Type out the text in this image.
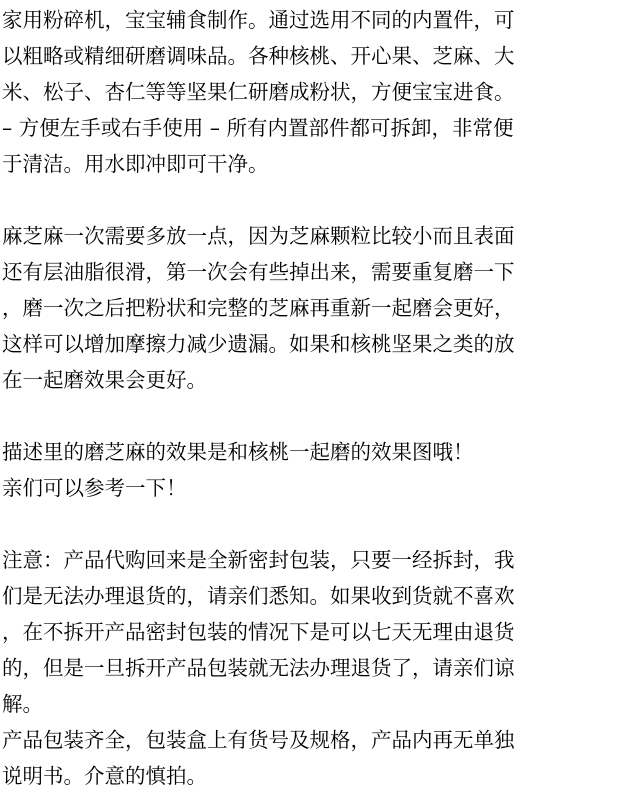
家用粉碎机，宝宝辅食制作。通过选用不同的内置件，可
以粗略或精细研磨调味品。各种核桃、开心果、芝麻、大
米、松子、杏仁等等坚果仁研磨成粉状，方便宝宝进食。
– 方便左手或右手使用 – 所有内置部件都可拆卸，非常便
于清洁。用水即冲即可干净。
麻芝麻一次需要多放一点，因为芝麻颗粒比较小而且表面
还有层油脂很滑，第一次会有些掉出来，需要重复磨一下
，磨一次之后把粉状和完整的芝麻再重新一起磨会更好，
这样可以增加摩擦力减少遗漏。如果和核桃坚果之类的放
在一起磨效果会更好。
描述里的磨芝麻的效果是和核桃一起磨的效果图哦！
亲们可以参考一下！
注意：产品代购回来是全新密封包装，只要一经拆封，我
们是无法办理退货的，请亲们悉知。如果收到货就不喜欢
，在不拆开产品密封包装的情况下是可以七天无理由退货
的，但是一旦拆开产品包装就无法办理退货了，请亲们谅
解。
产品包装齐全，包装盒上有货号及规格，产品内再无单独
说明书。介意的慎拍。
